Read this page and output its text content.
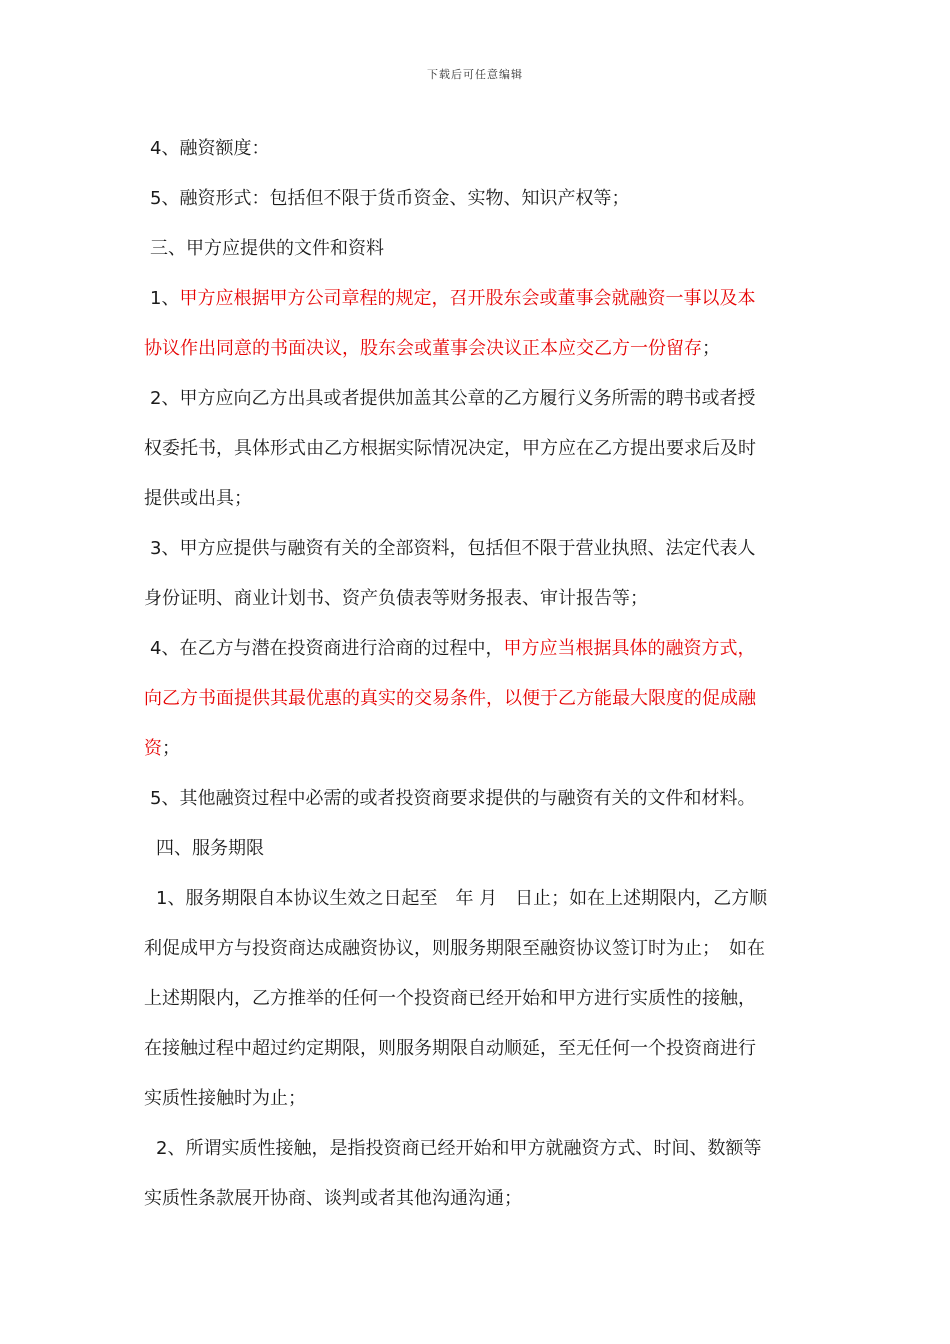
下载后可任意编辑
4、融资额度：
5、融资形式：包括但不限于货币资金、实物、知识产权等；
三、甲方应提供的文件和资料
1、甲方应根据甲方公司章程的规定，召开股东会或董事会就融资一事以及本
协议作出同意的书面决议，股东会或董事会决议正本应交乙方一份留存；
2、甲方应向乙方出具或者提供加盖其公章的乙方履行义务所需的聘书或者授
权委托书，具体形式由乙方根据实际情况决定，甲方应在乙方提出要求后及时
提供或出具；
3、甲方应提供与融资有关的全部资料，包括但不限于营业执照、法定代表人
身份证明、商业计划书、资产负债表等财务报表、审计报告等；
4、在乙方与潜在投资商进行洽商的过程中，甲方应当根据具体的融资方式，
向乙方书面提供其最优惠的真实的交易条件，以便于乙方能最大限度的促成融
资；
5、其他融资过程中必需的或者投资商要求提供的与融资有关的文件和材料。
四、服务期限
1、服务期限自本协议生效之日起至　年 月　日止；如在上述期限内，乙方顺
利促成甲方与投资商达成融资协议，则服务期限至融资协议签订时为止；　如在
上述期限内，乙方推举的任何一个投资商已经开始和甲方进行实质性的接触，
在接触过程中超过约定期限，则服务期限自动顺延，至无任何一个投资商进行
实质性接触时为止；
2、所谓实质性接触，是指投资商已经开始和甲方就融资方式、时间、数额等
实质性条款展开协商、谈判或者其他沟通沟通；
